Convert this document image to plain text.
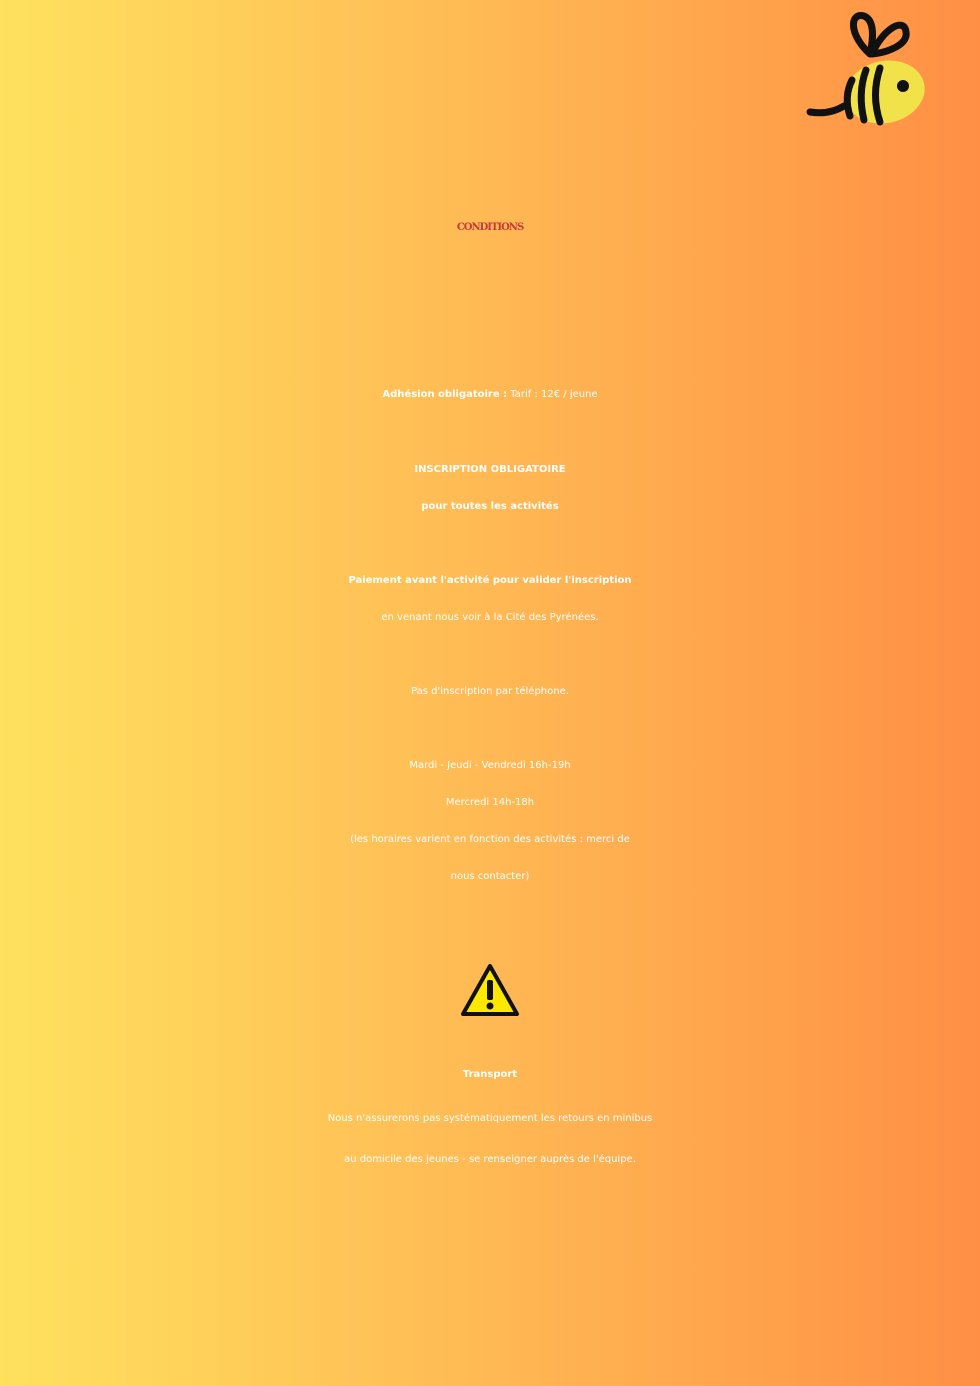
CONDITIONS
Adhésion obligatoire : Tarif : 12€ / jeune
INSCRIPTION OBLIGATOIRE
pour toutes les activités
Paiement avant l'activité pour valider l'inscription
en venant nous voir à la Cité des Pyrénées.
Pas d'inscription par téléphone.
Mardi - Jeudi - Vendredi 16h-19h
Mercredi 14h-18h
(les horaires varient en fonction des activités : merci de
nous contacter)
Transport
Nous n'assurerons pas systématiquement les retours en minibus
au domicile des jeunes - se renseigner auprès de l'équipe.
